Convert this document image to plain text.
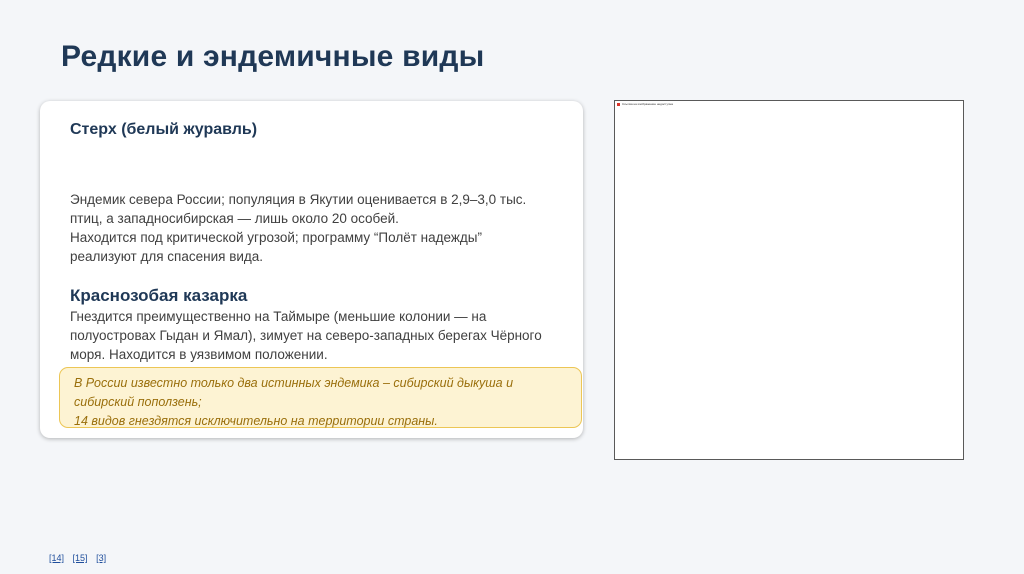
Редкие и эндемичные виды
Стерх (белый журавль)

Эндемик севера России; популяция в Якутии оценивается в 2,9–3,0 тыс.
птиц, а западносибирская — лишь около 20 особей.
Находится под критической угрозой; программу “Полёт надежды”
реализуют для спасения вида.

Краснозобая казарка

Гнездится преимущественно на Таймыре (меньшие колонии — на
полуостровах Гыдан и Ямал), зимует на северо-западных берегах Чёрного
моря. Находится в уязвимом положении.

В России известно только два истинных эндемика – сибирский дыкуша и
сибирский поползень;
14 видов гнездятся исключительно на территории страны.
Ссылка на изображение недоступна
[14] [15] [3]
